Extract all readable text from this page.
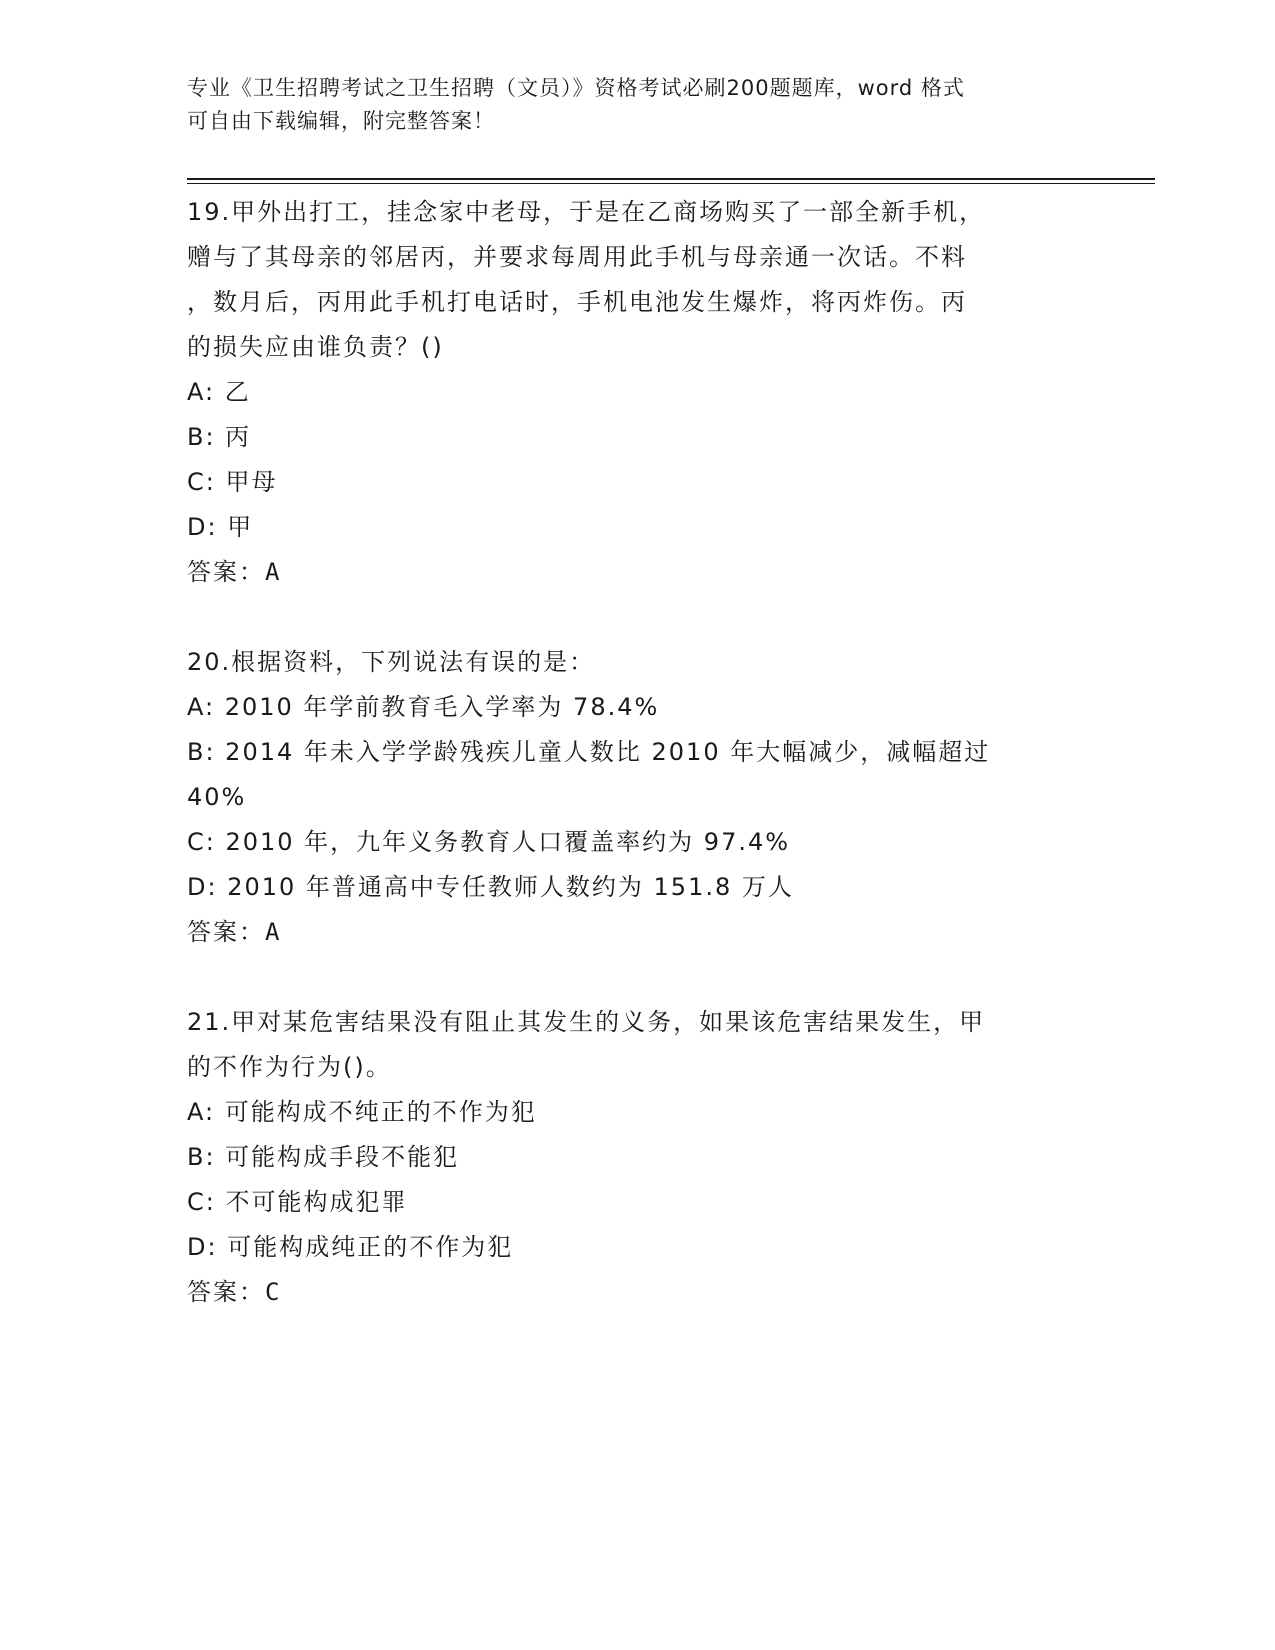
专业《卫生招聘考试之卫生招聘（文员）》资格考试必刷200题题库，word 格式
可自由下载编辑，附完整答案！

19.甲外出打工，挂念家中老母，于是在乙商场购买了一部全新手机，

赠与了其母亲的邻居丙，并要求每周用此手机与母亲通一次话。不料

，数月后，丙用此手机打电话时，手机电池发生爆炸，将丙炸伤。丙

的损失应由谁负责？()

A: 乙

B: 丙

C: 甲母

D: 甲

答案：A

20.根据资料，下列说法有误的是：

A: 2010 年学前教育毛入学率为 78.4%

B: 2014 年未入学学龄残疾儿童人数比 2010 年大幅减少，减幅超过

40%

C: 2010 年，九年义务教育人口覆盖率约为 97.4%

D: 2010 年普通高中专任教师人数约为 151.8 万人

答案：A

21.甲对某危害结果没有阻止其发生的义务，如果该危害结果发生，甲

的不作为行为()。

A: 可能构成不纯正的不作为犯

B: 可能构成手段不能犯

C: 不可能构成犯罪

D: 可能构成纯正的不作为犯

答案：C
